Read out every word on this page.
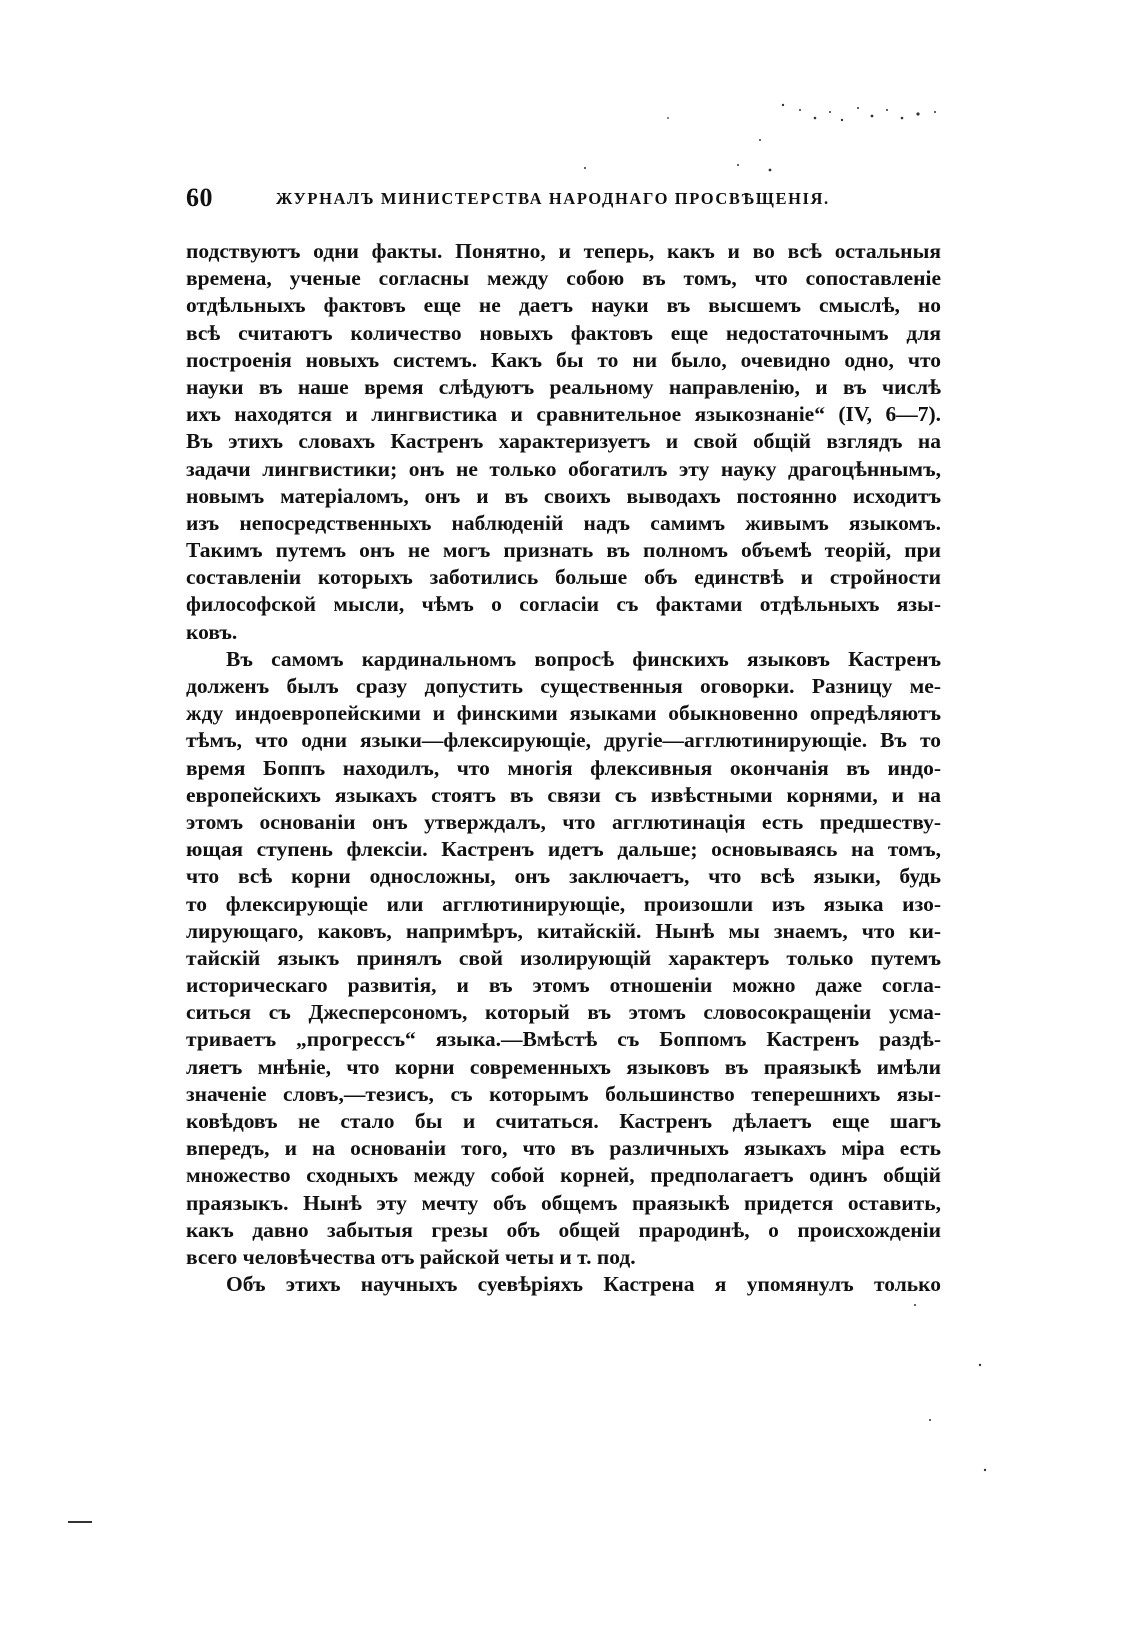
60	ЖУРНАЛЪ МИНИСТЕРСТВА НАРОДНАГО ПРОСВѢЩЕНІЯ.
подствуютъ одни факты. Понятно, и теперь, какъ и во всѣ остальныя
времена, ученые согласны между собою въ томъ, что сопоставленіе
отдѣльныхъ фактовъ еще не даетъ науки въ высшемъ смыслѣ, но
всѣ считаютъ количество новыхъ фактовъ еще недостаточнымъ для
построенія новыхъ системъ. Какъ бы то ни было, очевидно одно, что
науки въ наше время слѣдуютъ реальному направленію, и въ числѣ
ихъ находятся и лингвистика и сравнительное языкознаніе“ (IV, 6—7).
Въ этихъ словахъ Кастренъ характеризуетъ и свой общій взглядъ на
задачи лингвистики; онъ не только обогатилъ эту науку драгоцѣннымъ,
новымъ матеріаломъ, онъ и въ своихъ выводахъ постоянно исходитъ
изъ непосредственныхъ наблюденій надъ самимъ живымъ языкомъ.
Такимъ путемъ онъ не могъ признать въ полномъ объемѣ теорій, при
составленіи которыхъ заботились больше объ единствѣ и стройности
философской мысли, чѣмъ о согласіи съ фактами отдѣльныхъ язы-
ковъ.
Въ самомъ кардинальномъ вопросѣ финскихъ языковъ Кастренъ
долженъ былъ сразу допустить существенныя оговорки. Разницу ме-
жду индоевропейскими и финскими языками обыкновенно опредѣляютъ
тѣмъ, что одни языки—флексирующіе, другіе—агглютинирующіе. Въ то
время Боппъ находилъ, что многія флексивныя окончанія въ индо-
европейскихъ языкахъ стоятъ въ связи съ извѣстными корнями, и на
этомъ основаніи онъ утверждалъ, что агглютинація есть предшеству-
ющая ступень флексіи. Кастренъ идетъ дальше; основываясь на томъ,
что всѣ корни односложны, онъ заключаетъ, что всѣ языки, будь
то флексирующіе или агглютинирующіе, произошли изъ языка изо-
лирующаго, каковъ, напримѣръ, китайскій. Нынѣ мы знаемъ, что ки-
тайскій языкъ принялъ свой изолирующій характеръ только путемъ
историческаго развитія, и въ этомъ отношеніи можно даже согла-
ситься съ Джесперсономъ, который въ этомъ словосокращеніи усма-
триваетъ „прогрессъ“ языка.—Вмѣстѣ съ Боппомъ Кастренъ раздѣ-
ляетъ мнѣніе, что корни современныхъ языковъ въ праязыкѣ имѣли
значеніе словъ,—тезисъ, съ которымъ большинство теперешнихъ язы-
ковѣдовъ не стало бы и считаться. Кастренъ дѣлаетъ еще шагъ
впередъ, и на основаніи того, что въ различныхъ языкахъ міра есть
множество сходныхъ между собой корней, предполагаетъ одинъ общій
праязыкъ. Нынѣ эту мечту объ общемъ праязыкѣ придется оставить,
какъ давно забытыя грезы объ общей прародинѣ, о происхожденіи
всего человѣчества отъ райской четы и т. под.
Объ этихъ научныхъ суевѣріяхъ Кастрена я упомянулъ только
